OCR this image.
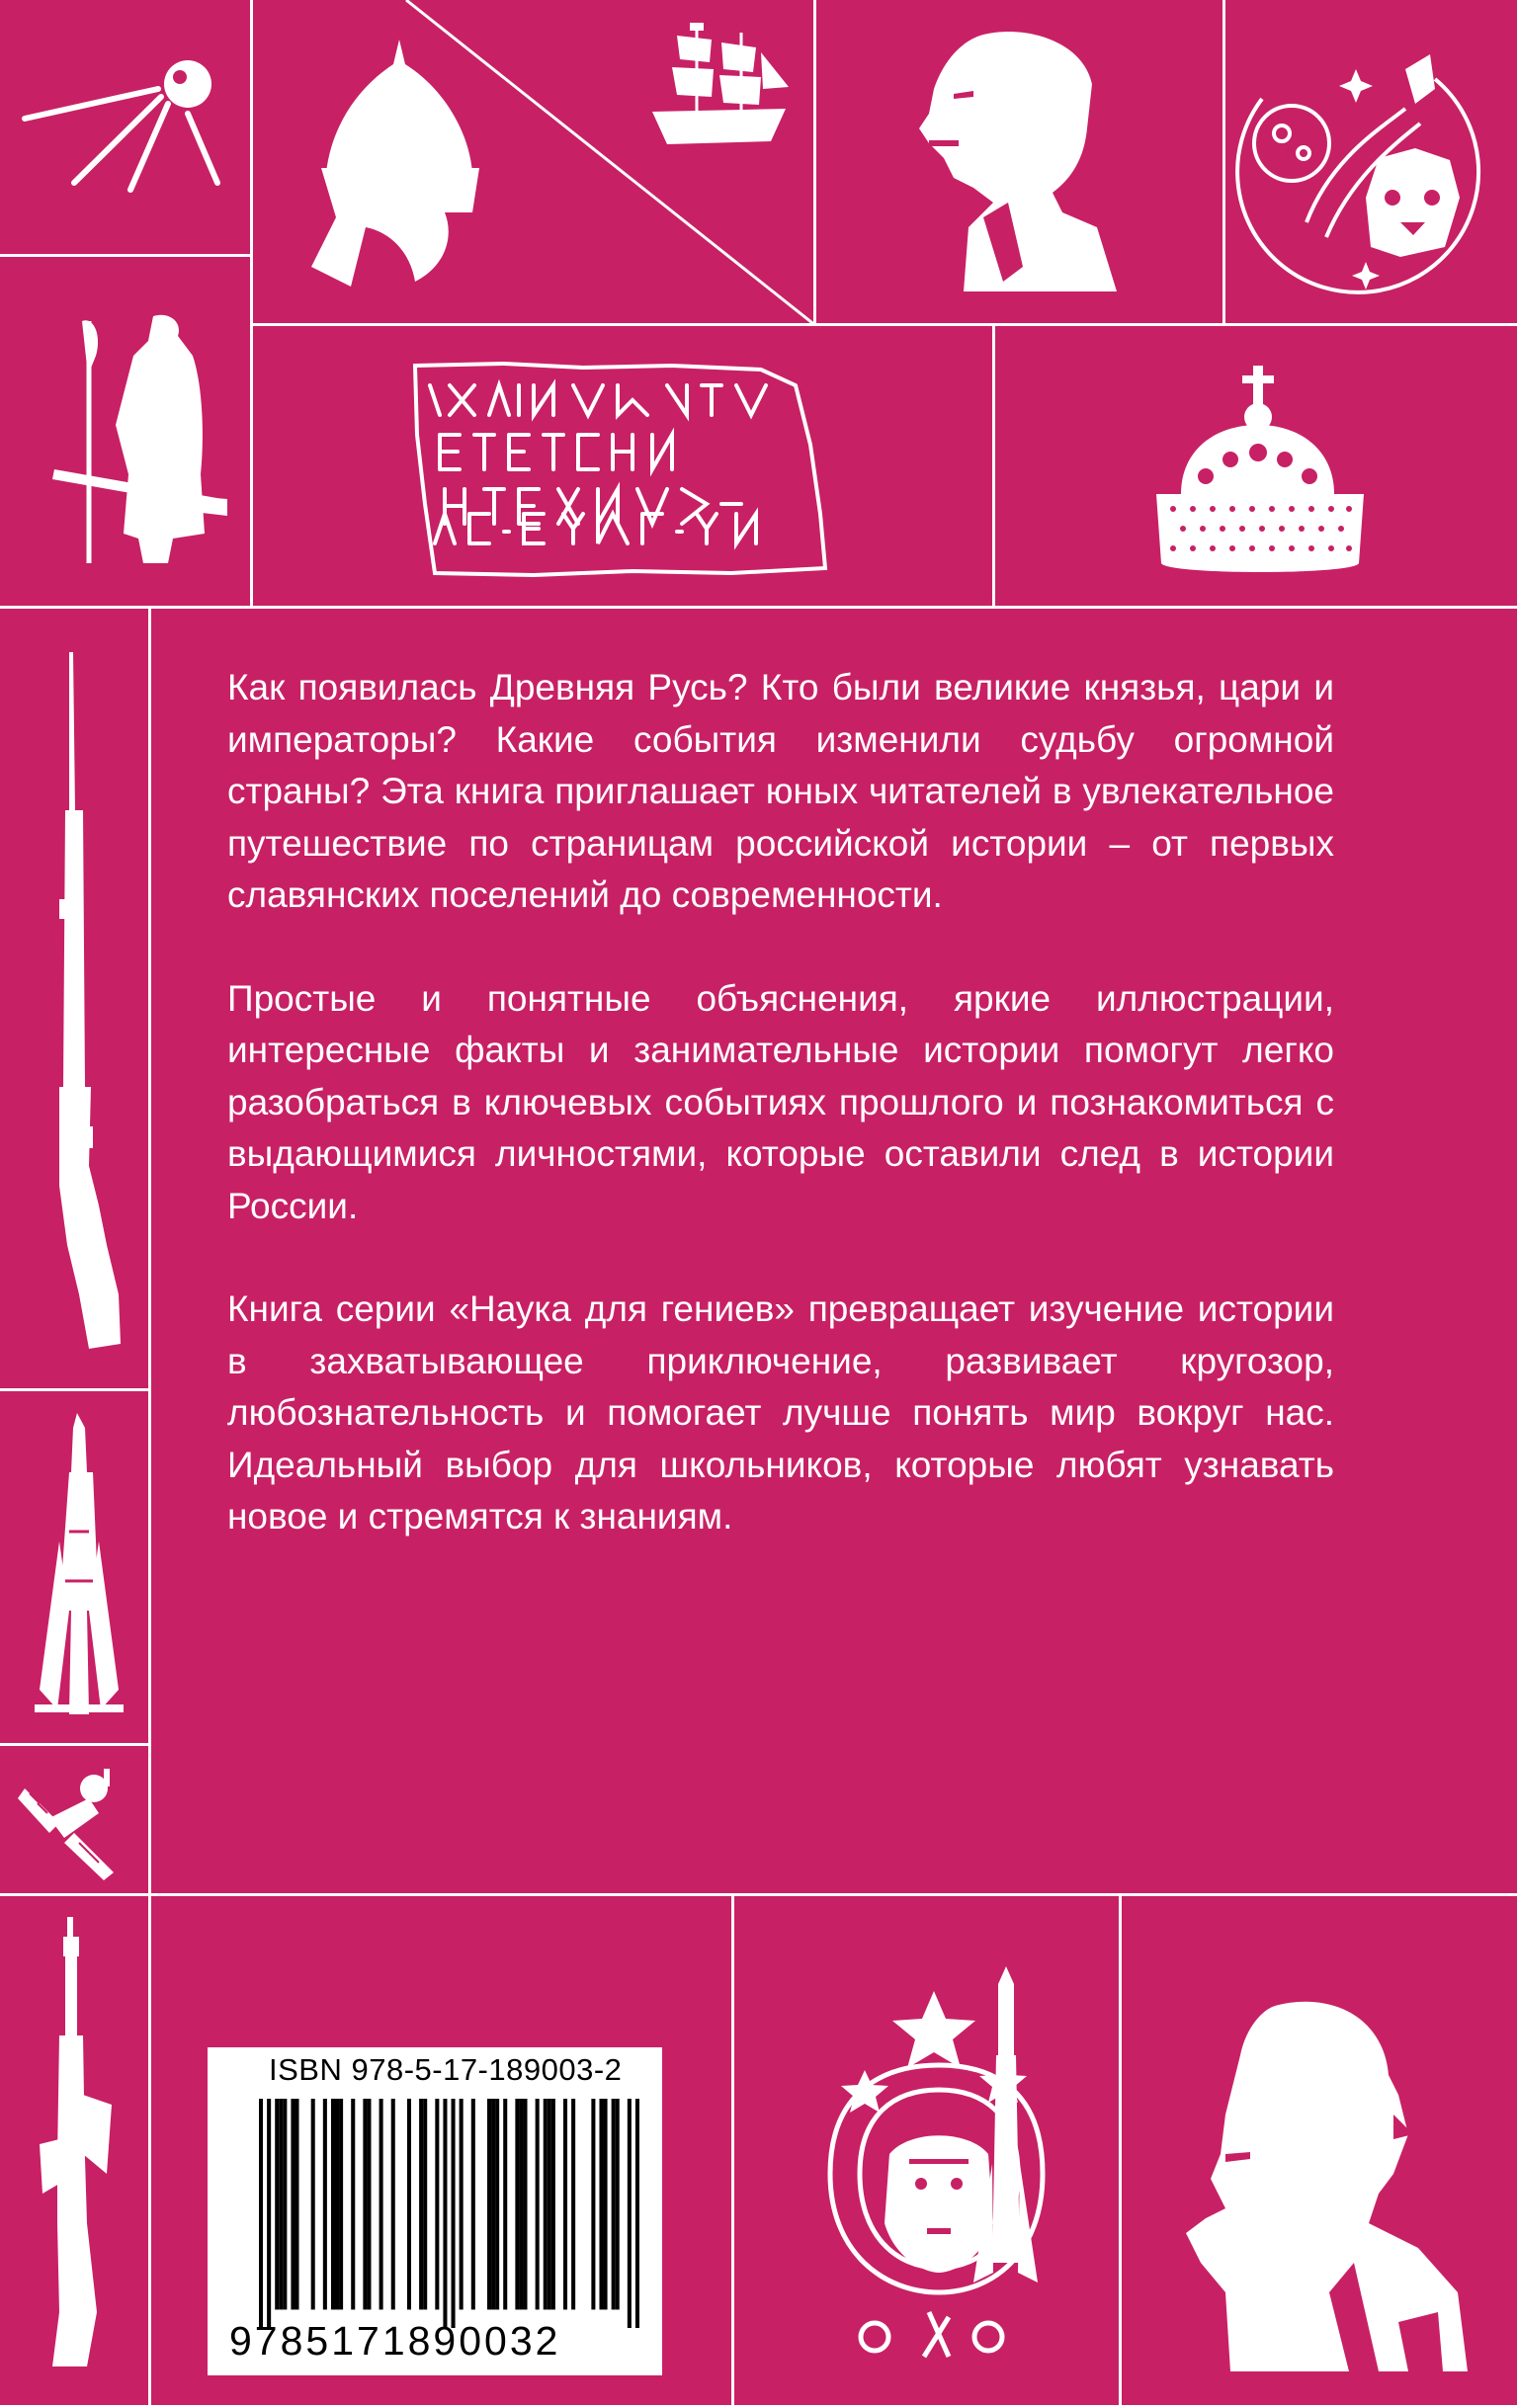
Как появилась Древняя Русь? Кто были великие князья, цари и императоры? Какие события изменили судьбу огромной страны? Эта книга приглашает юных читателей в увлекательное путешествие по страницам российской истории – от первых славянских поселений до современности.

Простые и понятные объяснения, яркие иллюстрации, интересные факты и занимательные истории помогут легко разобраться в ключевых событиях прошлого и познакомиться с выдающимися личностями, которые оставили след в истории России.

Книга серии «Наука для гениев» превращает изучение истории в захватывающее приключение, развивает кругозор, любознательность и помогает лучше понять мир вокруг нас. Идеальный выбор для школьников, которые любят узнавать новое и стремятся к знаниям.

ISBN 978-5-17-189003-2
9785171890032
